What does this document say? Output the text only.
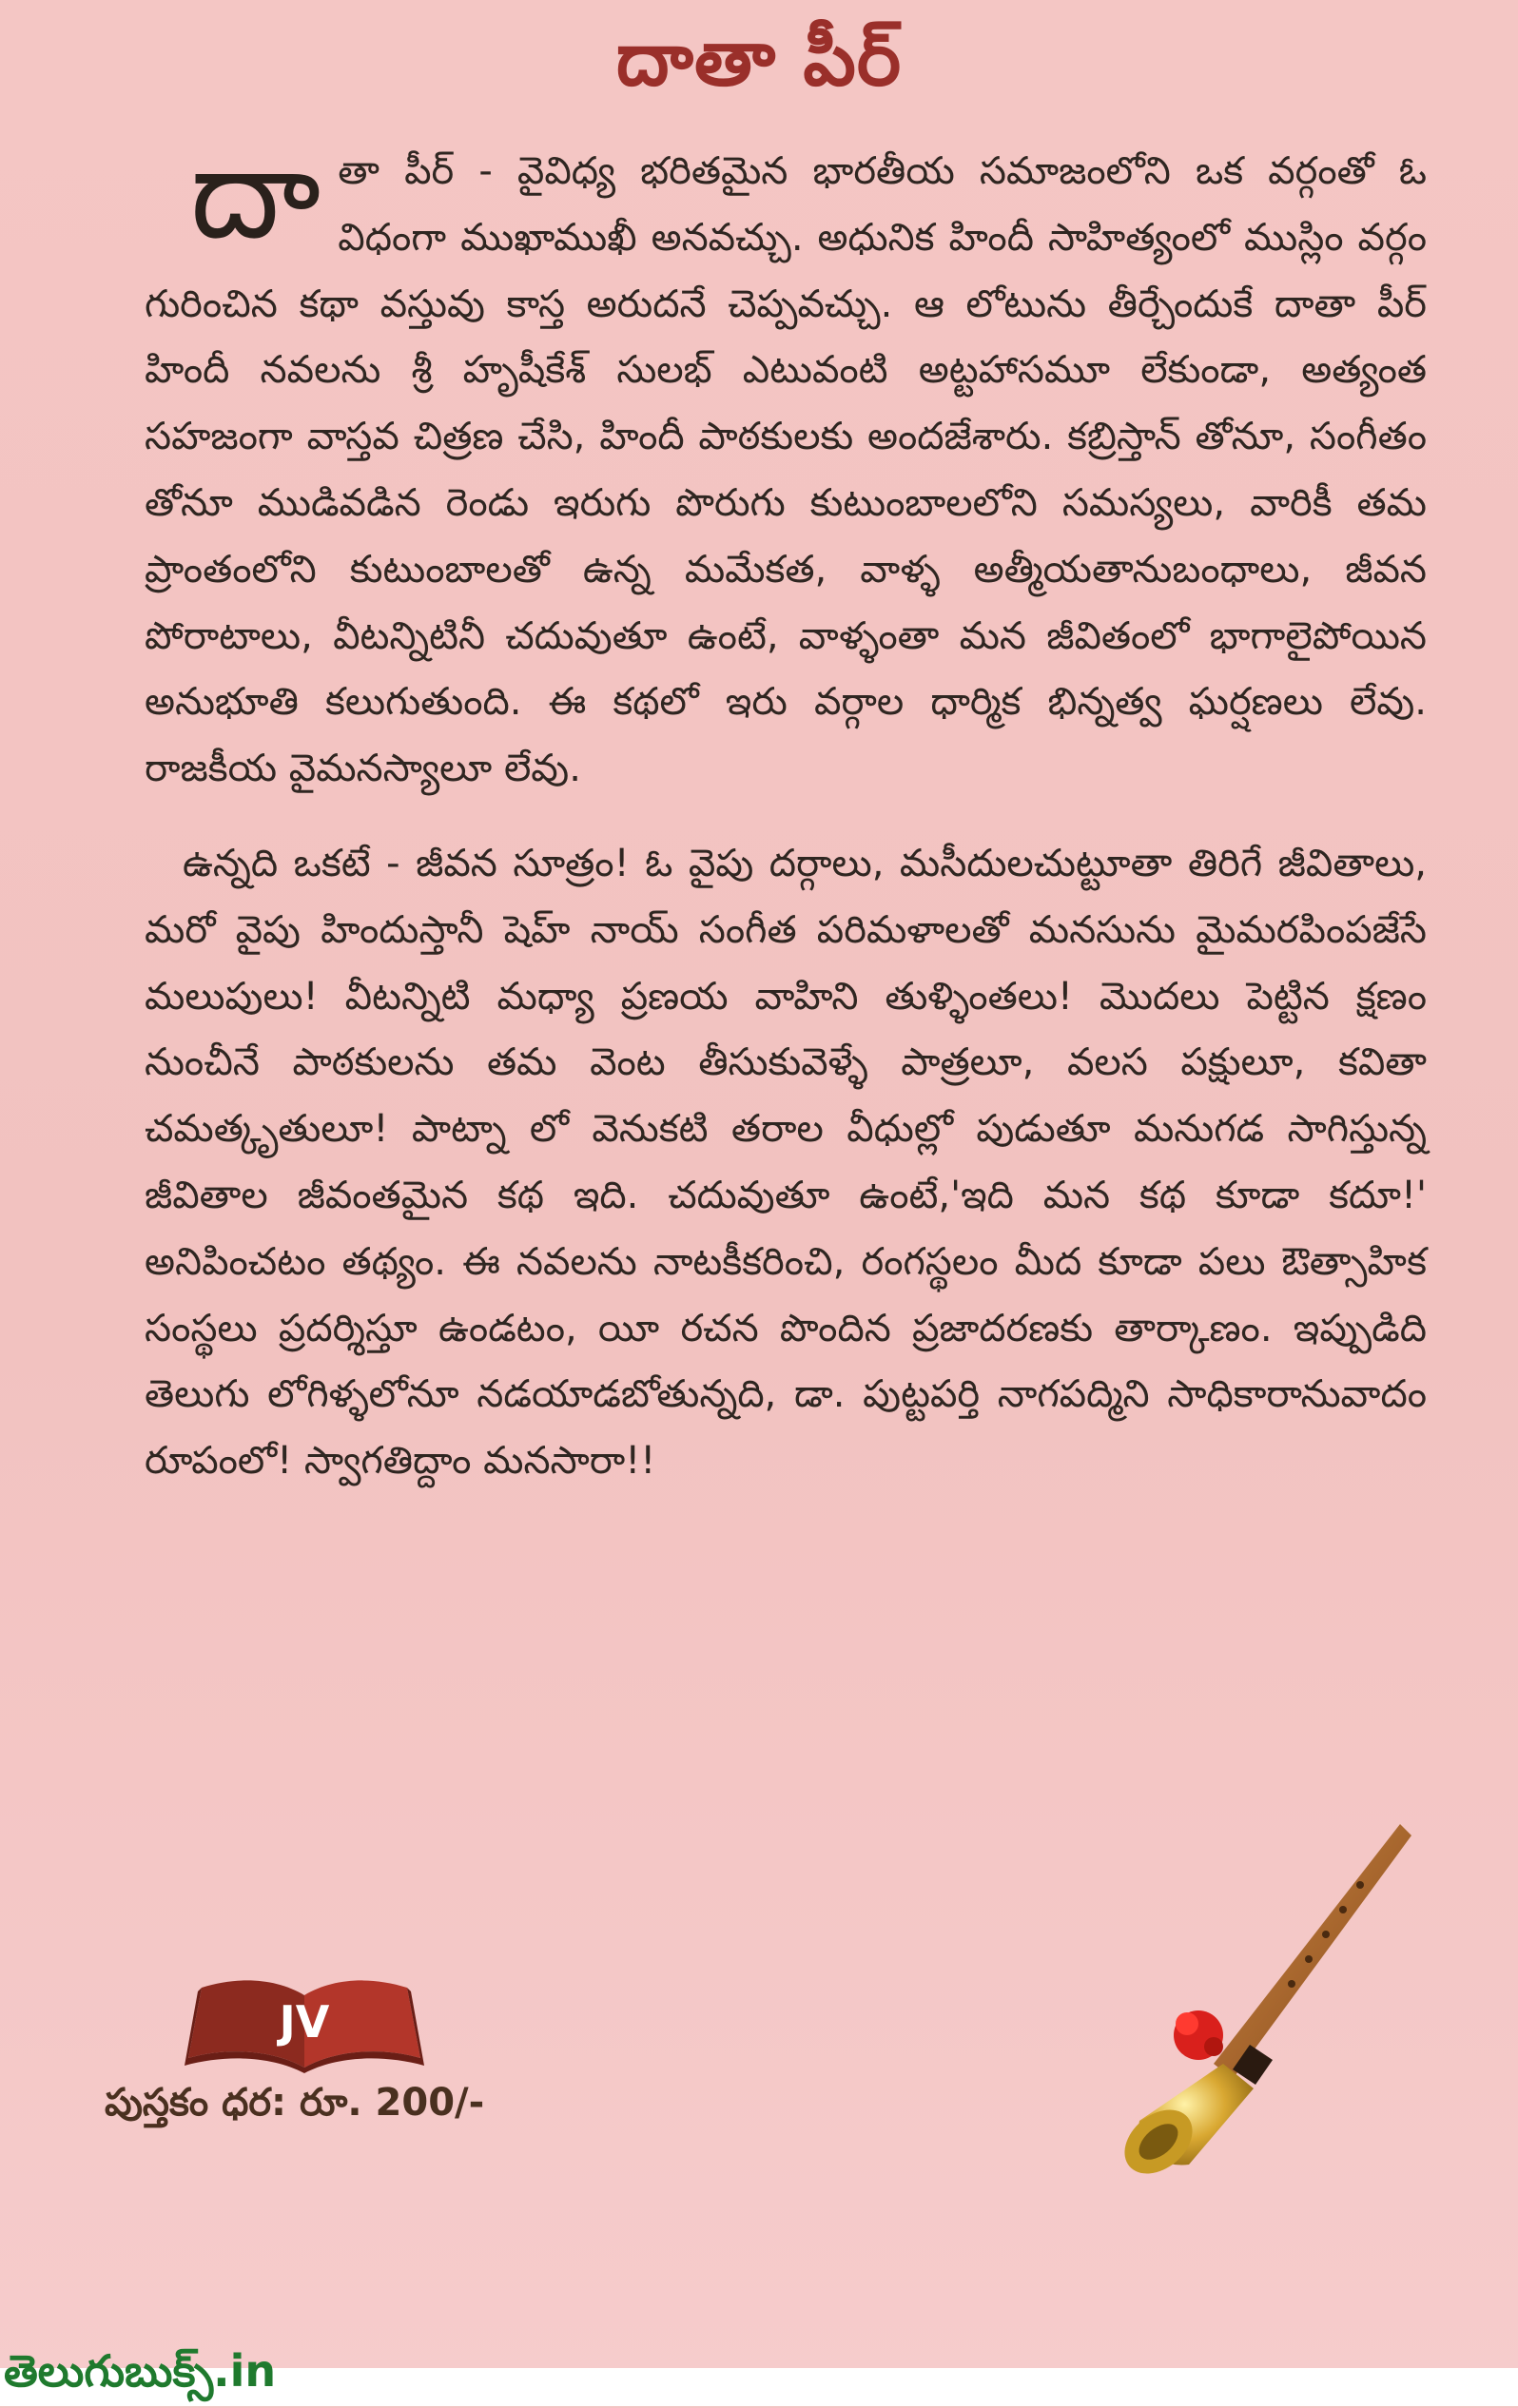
దాతా పీర్

దా తా పీర్ - వైవిధ్య భరితమైన భారతీయ సమాజంలోని ఒక వర్గంతో ఓ విధంగా ముఖాముఖీ అనవచ్చు. అధునిక హిందీ సాహిత్యంలో ముస్లిం వర్గం గురించిన కథా వస్తువు కాస్త అరుదనే చెప్పవచ్చు. ఆ లోటును తీర్చేందుకే దాతా పీర్ హిందీ నవలను శ్రీ హృషీకేశ్ సులభ్ ఎటువంటి అట్టహాసమూ లేకుండా, అత్యంత సహజంగా వాస్తవ చిత్రణ చేసి, హిందీ పాఠకులకు అందజేశారు. కబ్రిస్తాన్ తోనూ, సంగీతం తోనూ ముడివడిన రెండు ఇరుగు పొరుగు కుటుంబాలలోని సమస్యలు, వారికీ తమ ప్రాంతంలోని కుటుంబాలతో ఉన్న మమేకత, వాళ్ళ అత్మీయతానుబంధాలు, జీవన పోరాటాలు, వీటన్నిటినీ చదువుతూ ఉంటే, వాళ్ళంతా మన జీవితంలో భాగాలైపోయిన అనుభూతి కలుగుతుంది. ఈ కథలో ఇరు వర్గాల ధార్మిక భిన్నత్వ ఘర్షణలు లేవు. రాజకీయ వైమనస్యాలూ లేవు.

ఉన్నది ఒకటే - జీవన సూత్రం! ఓ వైపు దర్గాలు, మసీదులచుట్టూతా తిరిగే జీవితాలు, మరో వైపు హిందుస్తానీ షెహ్ నాయ్ సంగీత పరిమళాలతో మనసును మైమరపింపజేసే మలుపులు! వీటన్నిటి మధ్యా ప్రణయ వాహిని తుళ్ళింతలు! మొదలు పెట్టిన క్షణం నుంచీనే పాఠకులను తమ వెంట తీసుకువెళ్ళే పాత్రలూ, వలస పక్షులూ, కవితా చమత్కృతులూ! పాట్నా లో వెనుకటి తరాల వీధుల్లో పుడుతూ మనుగడ సాగిస్తున్న జీవితాల జీవంతమైన కథ ఇది. చదువుతూ ఉంటే,'ఇది మన కథ కూడా కదూ!' అనిపించటం తథ్యం. ఈ నవలను నాటకీకరించి, రంగస్థలం మీద కూడా పలు ఔత్సాహిక సంస్థలు ప్రదర్శిస్తూ ఉండటం, యీ రచన పొందిన ప్రజాదరణకు తార్కాణం. ఇప్పుడిది తెలుగు లోగిళ్ళలోనూ నడయాడబోతున్నది, డా. పుట్టపర్తి నాగపద్మిని సాధికారానువాదం రూపంలో! స్వాగతిద్దాం మనసారా!!

JV
పుస్తకం ధర: రూ. 200/-
తెలుగుబుక్స్.in
